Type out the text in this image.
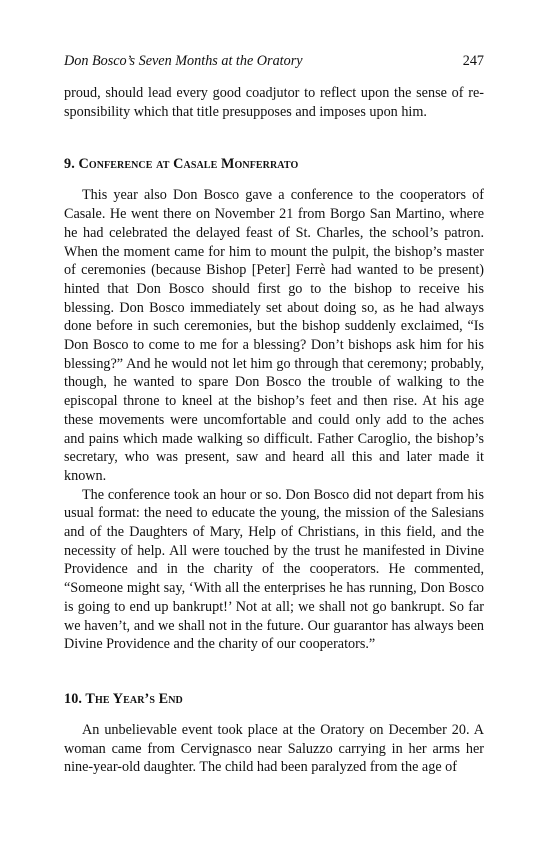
Don Bosco’s Seven Months at the Oratory	247

proud, should lead every good coadjutor to reflect upon the sense of responsibility which that title presupposes and imposes upon him.

9. Conference at Casale Monferrato

This year also Don Bosco gave a conference to the cooperators of Casale. He went there on November 21 from Borgo San Martino, where he had celebrated the delayed feast of St. Charles, the school’s patron. When the moment came for him to mount the pulpit, the bishop’s master of ceremonies (because Bishop [Peter] Ferrè had wanted to be present) hinted that Don Bosco should first go to the bishop to receive his blessing. Don Bosco immediately set about doing so, as he had always done before in such ceremonies, but the bishop suddenly exclaimed, “Is Don Bosco to come to me for a blessing? Don’t bishops ask him for his blessing?” And he would not let him go through that ceremony; probably, though, he wanted to spare Don Bosco the trouble of walking to the episcopal throne to kneel at the bishop’s feet and then rise. At his age these movements were uncomfortable and could only add to the aches and pains which made walking so difficult. Father Caroglio, the bishop’s secretary, who was present, saw and heard all this and later made it known.

The conference took an hour or so. Don Bosco did not depart from his usual format: the need to educate the young, the mission of the Salesians and of the Daughters of Mary, Help of Christians, in this field, and the necessity of help. All were touched by the trust he manifested in Divine Providence and in the charity of the cooperators. He commented, “Someone might say, ‘With all the enterprises he has running, Don Bosco is going to end up bankrupt!’ Not at all; we shall not go bankrupt. So far we haven’t, and we shall not in the future. Our guarantor has always been Divine Providence and the charity of our cooperators.”

10. The Year’s End

An unbelievable event took place at the Oratory on December 20. A woman came from Cervignasco near Saluzzo carrying in her arms her nine-year-old daughter. The child had been paralyzed from the age of
